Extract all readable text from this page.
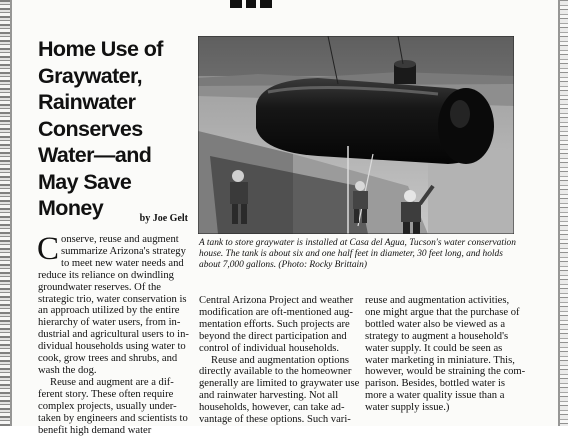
Home Use of
Graywater,
Rainwater
Conserves
Water—and
May Save
Money	by Joe Gelt
C onserve, reuse and augment
summarize Arizona's strategy
to meet new water needs and
reduce its reliance on dwindling
groundwater reserves. Of the
strategic trio, water conservation is
an approach utilized by the entire
hierarchy of water users, from in-
dustrial and agricultural users to in-
dividual households using water to
cook, grow trees and shrubs, and
wash the dog.
Reuse and augment are a dif-
ferent story. These often require
complex projects, usually under-
taken by engineers and scientists to
benefit high demand water
A tank to store graywater is installed at Casa del Agua, Tucson's water conservation house. The tank is about six and one half feet in diameter, 30 feet long, and holds about 7,000 gallons. (Photo: Rocky Brittain)
Central Arizona Project and weather
modification are oft-mentioned aug-
mentation efforts. Such projects are
beyond the direct participation and
control of individual households.
Reuse and augmentation options
directly available to the homeowner
generally are limited to graywater use
and rainwater harvesting. Not all
households, however, can take ad-
vantage of these options. Such vari-
reuse and augmentation activities,
one might argue that the purchase of
bottled water also be viewed as a
strategy to augment a household's
water supply. It could be seen as
water marketing in miniature. This,
however, would be straining the com-
parison. Besides, bottled water is
more a water quality issue than a
water supply issue.)
